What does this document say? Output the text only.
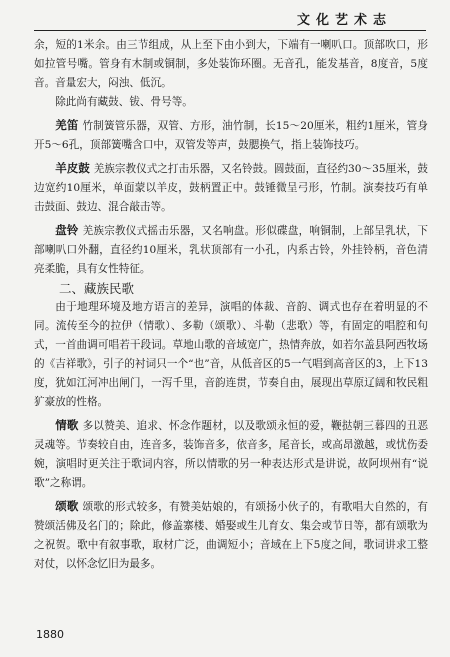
文化艺术志

余，短的1米余。由三节组成，从上至下由小到大，下端有一喇叭口。顶部吹口，形如拉管号嘴。管身有木制或铜制，多处装饰环圈。无音孔，能发基音，8度音，5度音。音量宏大，闷浊、低沉。

除此尚有藏鼓、钹、骨号等。

羌笛 竹制簧管乐器，双管、方形，油竹制，长15～20厘米，粗约1厘米，管身开5～6孔，顶部簧嘴含口中，双管发等声，鼓腮换气，指上装饰技巧。

羊皮鼓 羌族宗教仪式之打击乐器，又名铃鼓。圆鼓面，直径约30～35厘米，鼓边宽约10厘米，单面蒙以羊皮，鼓柄置正中。鼓锤微呈弓形，竹制。演奏技巧有单击鼓面、鼓边、混合敲击等。

盘铃 羌族宗教仪式摇击乐器，又名响盘。形似碟盘，响铜制，上部呈乳状，下部喇叭口外翻，直径约10厘米，乳状顶部有一小孔，内系古铃，外挂铃柄，音色清亮柔脆，具有女性特征。

二、藏族民歌

由于地理环境及地方语言的差异，演唱的体裁、音韵、调式也存在着明显的不同。流传至今的拉伊（情歌）、多勒（颂歌）、斗勒（悲歌）等，有固定的唱腔和句式，一首曲调可唱若干段词。草地山歌的音域宽广，热情奔放，如若尔盖县阿西牧场的《吉祥歌》，引子的衬词只一个“也”音，从低音区的5一气唱到高音区的3，上下13度，犹如江河冲出闸门，一泻千里，音韵连贯，节奏自由，展现出草原辽阔和牧民粗犷豪放的性格。

情歌 多以赞美、追求、怀念作题材，以及歌颂永恒的爱，鞭挞朝三暮四的丑恶灵魂等。节奏较自由，连音多，装饰音多，依音多，尾音长，或高昂激越，或忧伤委婉，演唱时更关注于歌词内容，所以情歌的另一种表达形式是讲说，故阿坝州有“说歌”之称谓。

颂歌 颂歌的形式较多，有赞美姑娘的，有颂扬小伙子的，有歌唱大自然的，有赞颂活佛及名门的；除此，修盖寨楼、婚娶或生儿育女、集会或节日等，都有颂歌为之祝贺。歌中有叙事歌，取材广泛，曲调短小；音域在上下5度之间，歌词讲求工整对仗，以怀念忆旧为最多。

1880
